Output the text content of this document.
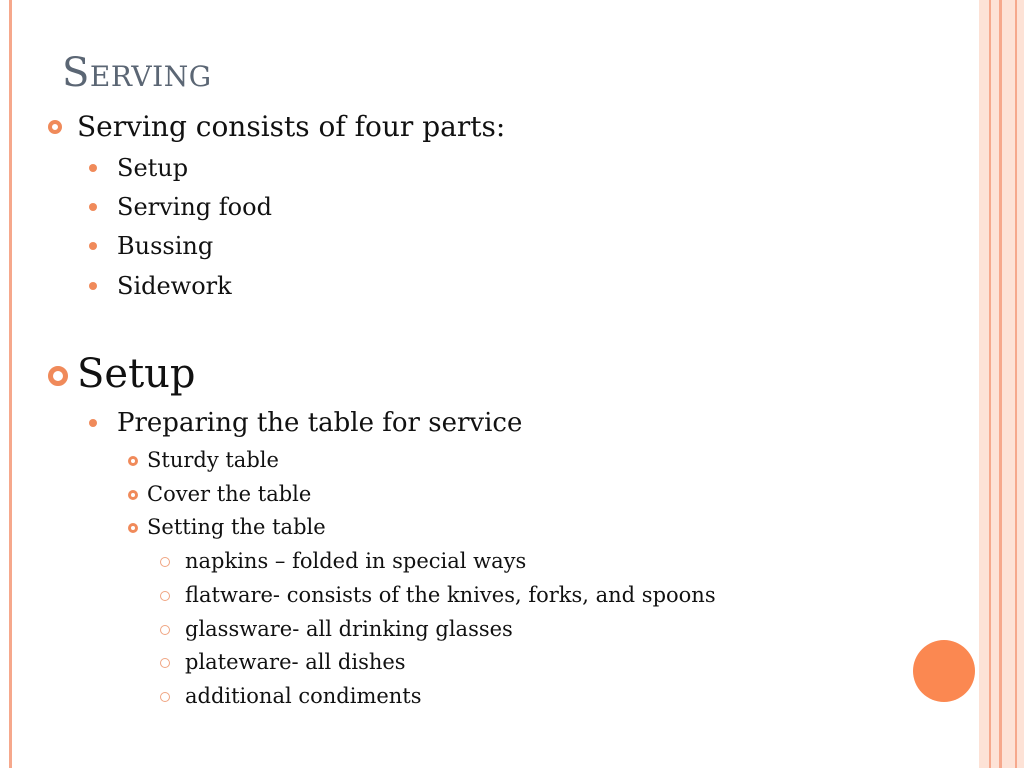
Serving
Serving consists of four parts:
Setup
Serving food
Bussing
Sidework
Setup
Preparing the table for service
Sturdy table
Cover the table
Setting the table
napkins – folded in special ways
flatware- consists of the knives, forks, and spoons
glassware- all drinking glasses
plateware- all dishes
additional condiments
